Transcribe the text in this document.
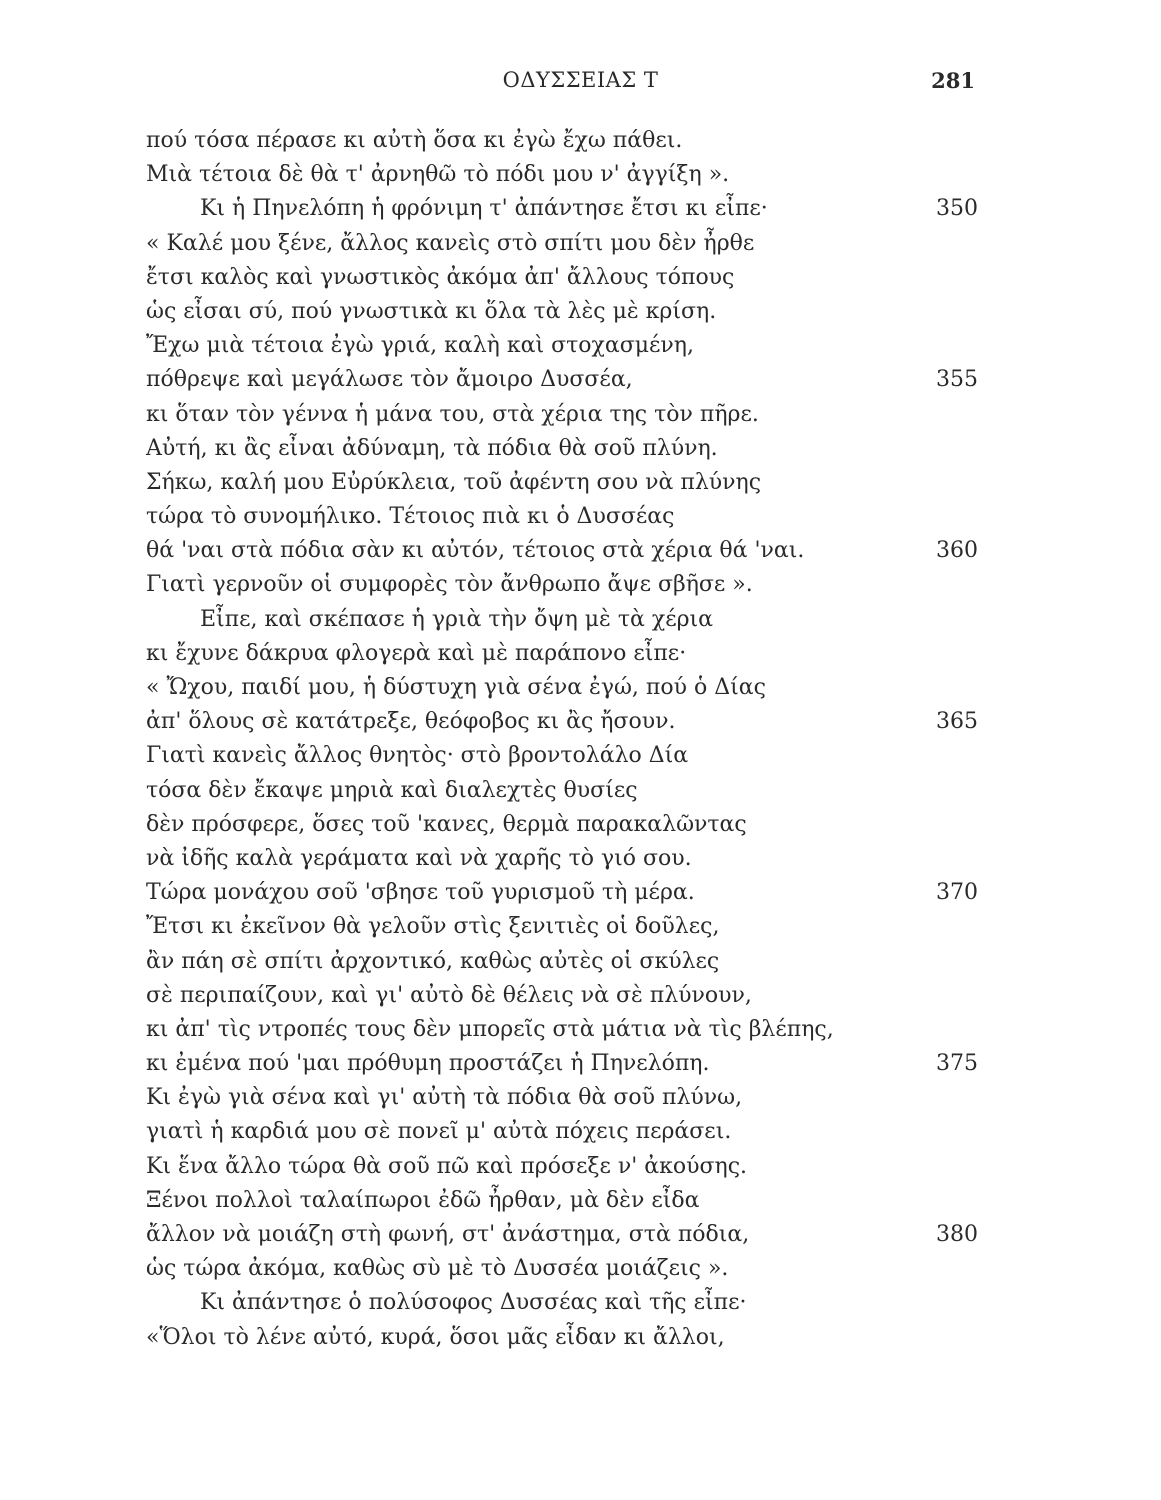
ΟΔΥΣΣΕΙΑΣ Τ	281
πού τόσα πέρασε κι αὐτὴ ὅσα κι ἐγὼ ἔχω πάθει.
Μιὰ τέτοια δὲ θὰ τ' ἀρνηθῶ τὸ πόδι μου ν' ἀγγίξη ».
Κι ἡ Πηνελόπη ἡ φρόνιμη τ' ἀπάντησε ἔτσι κι εἶπε·	350
« Καλέ μου ξένε, ἄλλος κανεὶς στὸ σπίτι μου δὲν ἦρθε
ἔτσι καλὸς καὶ γνωστικὸς ἀκόμα ἀπ' ἄλλους τόπους
ὡς εἶσαι σύ, πού γνωστικὰ κι ὅλα τὰ λὲς μὲ κρίση.
Ἔχω μιὰ τέτοια ἐγὼ γριά, καλὴ καὶ στοχασμένη,
πόθρεψε καὶ μεγάλωσε τὸν ἄμοιρο Δυσσέα,	355
κι ὅταν τὸν γέννα ἡ μάνα του, στὰ χέρια της τὸν πῆρε.
Αὐτή, κι ἂς εἶναι ἀδύναμη, τὰ πόδια θὰ σοῦ πλύνη.
Σήκω, καλή μου Εὐρύκλεια, τοῦ ἀφέντη σου νὰ πλύνης
τώρα τὸ συνομήλικο. Τέτοιος πιὰ κι ὁ Δυσσέας
θά 'ναι στὰ πόδια σὰν κι αὐτόν, τέτοιος στὰ χέρια θά 'ναι.	360
Γιατὶ γερνοῦν οἱ συμφορὲς τὸν ἄνθρωπο ἄψε σβῆσε ».
Εἶπε, καὶ σκέπασε ἡ γριὰ τὴν ὄψη μὲ τὰ χέρια
κι ἔχυνε δάκρυα φλογερὰ καὶ μὲ παράπονο εἶπε·
« Ὤχου, παιδί μου, ἡ δύστυχη γιὰ σένα ἐγώ, πού ὁ Δίας
ἀπ' ὅλους σὲ κατάτρεξε, θεόφοβος κι ἂς ἤσουν.	365
Γιατὶ κανεὶς ἄλλος θνητὸς· στὸ βροντολάλο Δία
τόσα δὲν ἔκαψε μηριὰ καὶ διαλεχτὲς θυσίες
δὲν πρόσφερε, ὅσες τοῦ 'κανες, θερμὰ παρακαλῶντας
νὰ ἰδῆς καλὰ γεράματα καὶ νὰ χαρῆς τὸ γιό σου.
Τώρα μονάχου σοῦ 'σβησε τοῦ γυρισμοῦ τὴ μέρα.	370
Ἔτσι κι ἐκεῖνον θὰ γελοῦν στὶς ξενιτιὲς οἱ δοῦλες,
ἂν πάη σὲ σπίτι ἀρχοντικό, καθὼς αὐτὲς οἱ σκύλες
σὲ περιπαίζουν, καὶ γι' αὐτὸ δὲ θέλεις νὰ σὲ πλύνουν,
κι ἀπ' τὶς ντροπές τους δὲν μπορεῖς στὰ μάτια νὰ τὶς βλέπης,
κι ἐμένα πού 'μαι πρόθυμη προστάζει ἡ Πηνελόπη.	375
Κι ἐγὼ γιὰ σένα καὶ γι' αὐτὴ τὰ πόδια θὰ σοῦ πλύνω,
γιατὶ ἡ καρδιά μου σὲ πονεῖ μ' αὐτὰ πόχεις περάσει.
Κι ἕνα ἄλλο τώρα θὰ σοῦ πῶ καὶ πρόσεξε ν' ἀκούσης.
Ξένοι πολλοὶ ταλαίπωροι ἐδῶ ἦρθαν, μὰ δὲν εἶδα
ἄλλον νὰ μοιάζη στὴ φωνή, στ' ἀνάστημα, στὰ πόδια,	380
ὡς τώρα ἀκόμα, καθὼς σὺ μὲ τὸ Δυσσέα μοιάζεις ».
Κι ἀπάντησε ὁ πολύσοφος Δυσσέας καὶ τῆς εἶπε·
«Ὅλοι τὸ λένε αὐτό, κυρά, ὅσοι μᾶς εἶδαν κι ἄλλοι,
